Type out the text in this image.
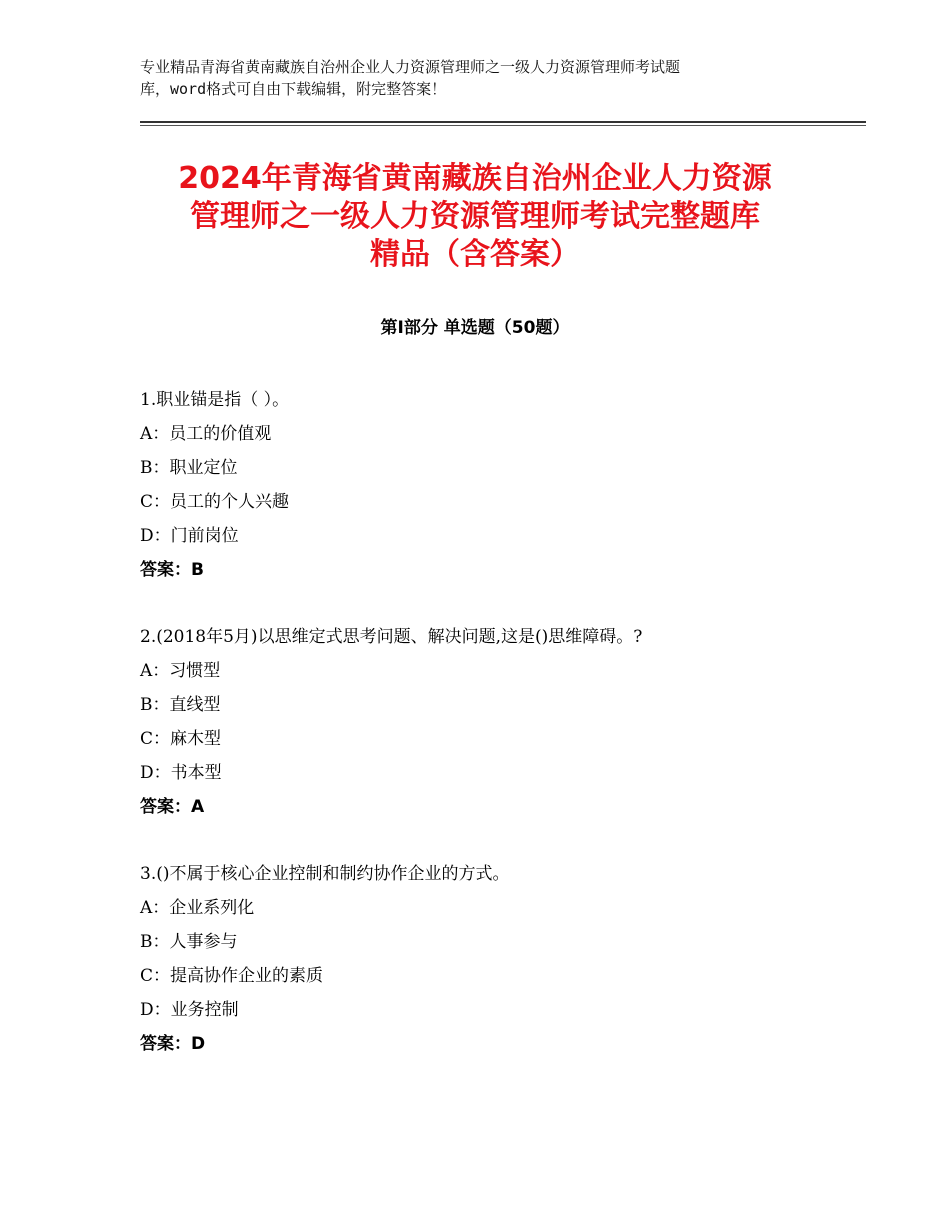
专业精品青海省黄南藏族自治州企业人力资源管理师之一级人力资源管理师考试题
库，word格式可自由下载编辑，附完整答案！
2024年青海省黄南藏族自治州企业人力资源
管理师之一级人力资源管理师考试完整题库
精品（含答案）
第Ⅰ部分 单选题（50题）
1.职业锚是指（ ）。
A：员工的价值观
B：职业定位
C：员工的个人兴趣
D：门前岗位
答案：B
2.(2018年5月)以思维定式思考问题、解决问题,这是()思维障碍。?
A：习惯型
B：直线型
C：麻木型
D：书本型
答案：A
3.()不属于核心企业控制和制约协作企业的方式。
A：企业系列化
B：人事参与
C：提高协作企业的素质
D：业务控制
答案：D
